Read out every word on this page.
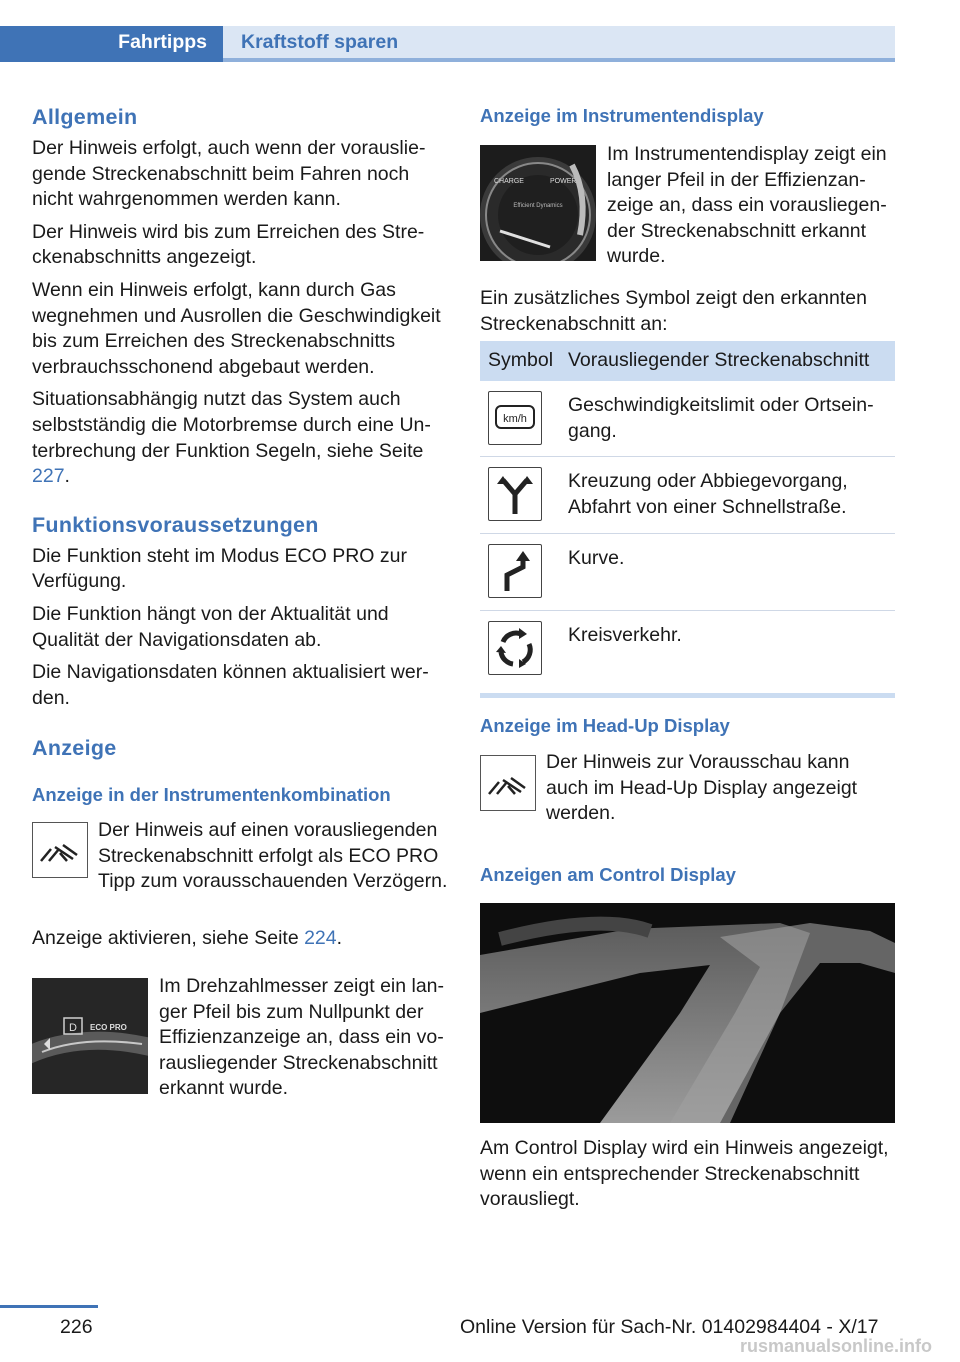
Fahrtipps Kraftstoff sparen
Allgemein

Der Hinweis erfolgt, auch wenn der vorausliegende Streckenabschnitt beim Fahren noch nicht wahrgenommen werden kann.

Der Hinweis wird bis zum Erreichen des Streckenabschnitts angezeigt.

Wenn ein Hinweis erfolgt, kann durch Gas wegnehmen und Ausrollen die Geschwindigkeit bis zum Erreichen des Streckenabschnitts verbrauchsschonend abgebaut werden.

Situationsabhängig nutzt das System auch selbstständig die Motorbremse durch eine Unterbrechung der Funktion Segeln, siehe Seite 227.

Funktionsvoraussetzungen

Die Funktion steht im Modus ECO PRO zur Verfügung.

Die Funktion hängt von der Aktualität und Qualität der Navigationsdaten ab.

Die Navigationsdaten können aktualisiert werden.

Anzeige
Anzeige in der Instrumentenkombination

Der Hinweis auf einen vorausliegenden Streckenabschnitt erfolgt als ECO PRO Tipp zum vorausschauenden Verzögern.

Anzeige aktivieren, siehe Seite 224.

D ECO PRO

Im Drehzahlmesser zeigt ein langer Pfeil bis zum Nullpunkt der Effizienzanzeige an, dass ein vorausliegender Streckenabschnitt erkannt wurde.

Anzeige im Instrumentendisplay
CHARGE	POWER
Efficient Dynamics

Im Instrumentendisplay zeigt ein langer Pfeil in der Effizienzanzeige an, dass ein vorausliegender Streckenabschnitt erkannt wurde.

Ein zusätzliches Symbol zeigt den erkannten Streckenabschnitt an:

Symbol Vorausliegender Streckenabschnitt
km/h

Geschwindigkeitslimit oder Ortseingang.

Kreuzung oder Abbiegevorgang, Abfahrt von einer Schnellstraße.

Kurve.

Kreisverkehr.

Anzeige im Head-Up Display

Der Hinweis zur Vorausschau kann auch im Head-Up Display angezeigt werden.

Anzeigen am Control Display

Am Control Display wird ein Hinweis angezeigt, wenn ein entsprechender Streckenabschnitt vorausliegt.

226	Online Version für Sach-Nr. 01402984404 - X/17
rusmanualsonline.info
